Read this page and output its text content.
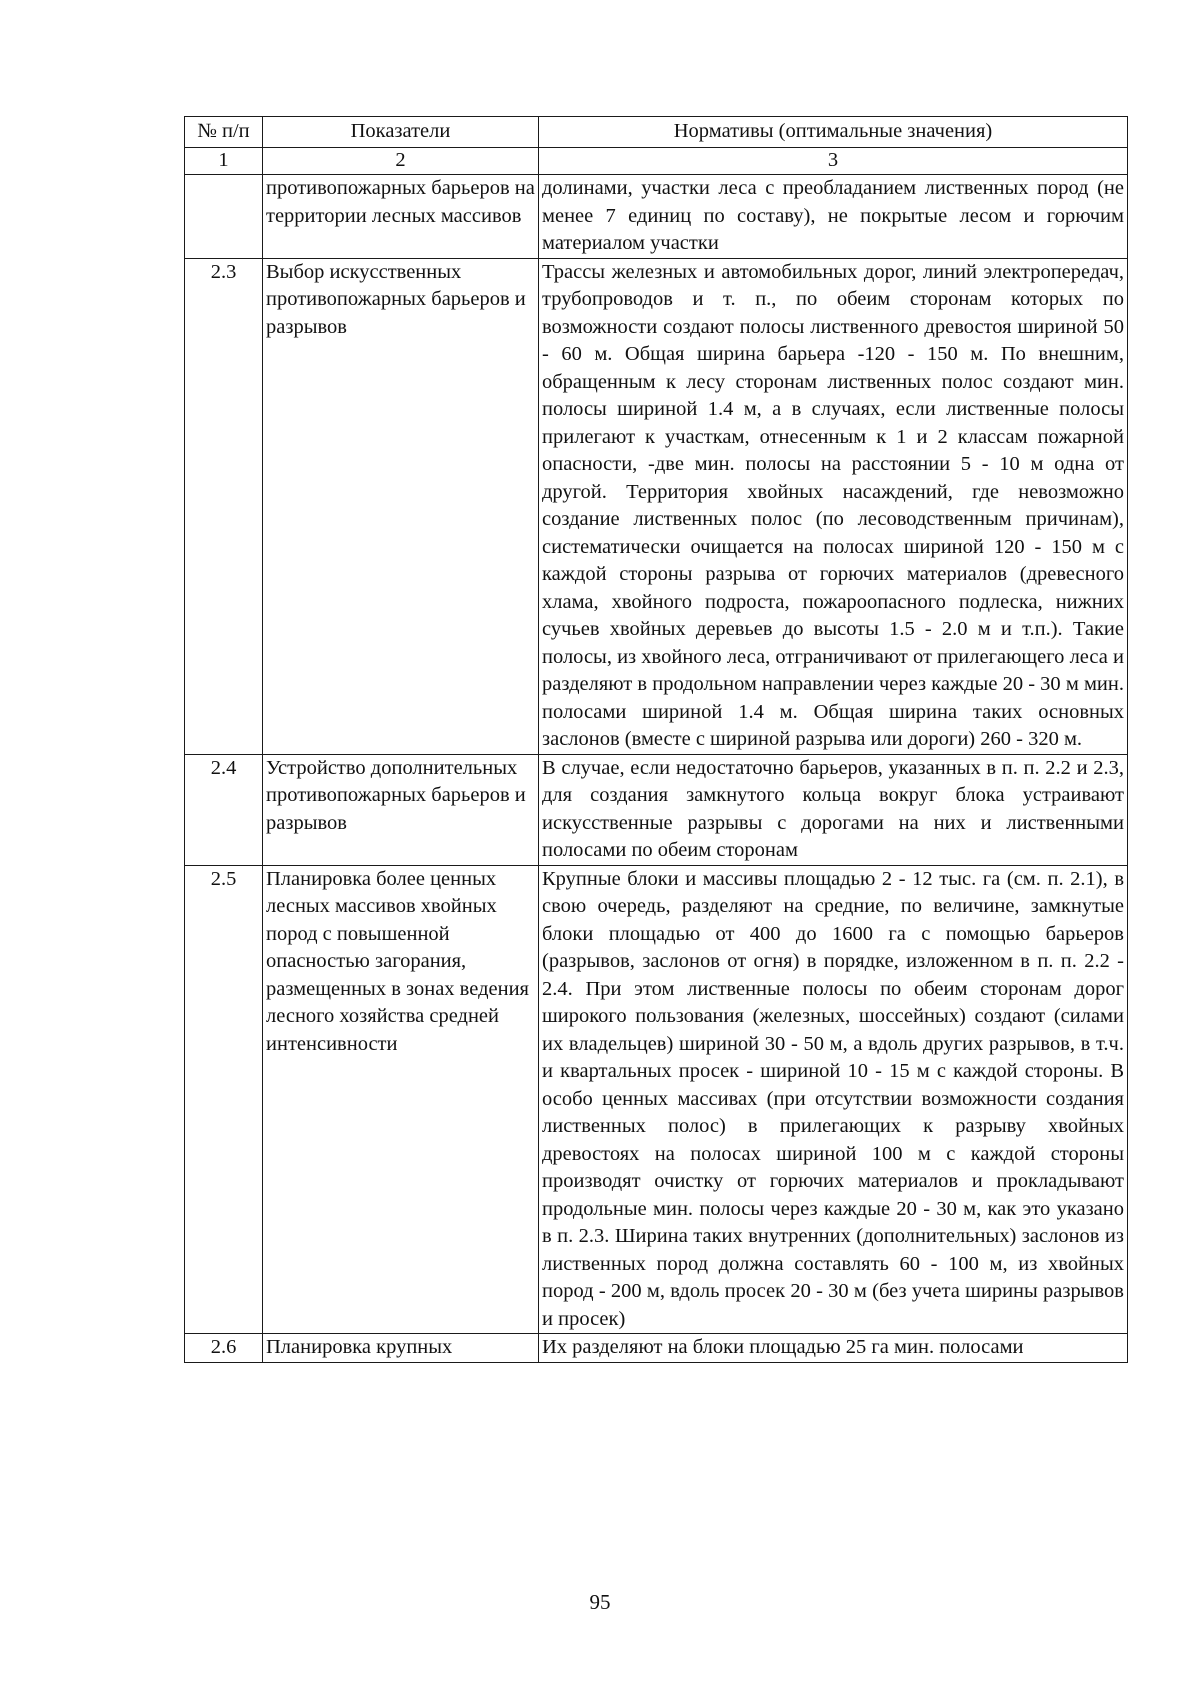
№ п/п	Показатели	Нормативы (оптимальные значения)
1	2	3
	противопожарных барьеров на территории лесных массивов	долинами, участки леса с преобладанием лиственных пород (не менее 7 единиц по составу), не покрытые лесом и горючим материалом участки
2.3	Выбор искусственных противопожарных барьеров и разрывов	Трассы железных и автомобильных дорог, линий электропередач, трубопроводов и т. п., по обеим сторонам которых по возможности создают полосы лиственного древостоя шириной 50 - 60 м. Общая ширина барьера -120 - 150 м. По внешним, обращенным к лесу сторонам лиственных полос создают мин. полосы шириной 1.4 м, а в случаях, если лиственные полосы прилегают к участкам, отнесенным к 1 и 2 классам пожарной опасности, -две мин. полосы на расстоянии 5 - 10 м одна от другой. Территория хвойных насаждений, где невозможно создание лиственных полос (по лесоводственным причинам), систематически очищается на полосах шириной 120 - 150 м с каждой стороны разрыва от горючих материалов (древесного хлама, хвойного подроста, пожароопасного подлеска, нижних сучьев хвойных деревьев до высоты 1.5 - 2.0 м и т.п.). Такие полосы, из хвойного леса, отграничивают от прилегающего леса и разделяют в продольном направлении через каждые 20 - 30 м мин. полосами шириной 1.4 м. Общая ширина таких основных заслонов (вместе с шириной разрыва или дороги) 260 - 320 м.
2.4	Устройство дополнительных противопожарных барьеров и разрывов	В случае, если недостаточно барьеров, указанных в п. п. 2.2 и 2.3, для создания замкнутого кольца вокруг блока устраивают искусственные разрывы с дорогами на них и лиственными полосами по обеим сторонам
2.5	Планировка более ценных лесных массивов хвойных пород с повышенной опасностью загорания, размещенных в зонах ведения лесного хозяйства средней интенсивности	Крупные блоки и массивы площадью 2 - 12 тыс. га (см. п. 2.1), в свою очередь, разделяют на средние, по величине, замкнутые блоки площадью от 400 до 1600 га с помощью барьеров (разрывов, заслонов от огня) в порядке, изложенном в п. п. 2.2 - 2.4. При этом лиственные полосы по обеим сторонам дорог широкого пользования (железных, шоссейных) создают (силами их владельцев) шириной 30 - 50 м, а вдоль других разрывов, в т.ч. и квартальных просек - шириной 10 - 15 м с каждой стороны. В особо ценных массивах (при отсутствии возможности создания лиственных полос) в прилегающих к разрыву хвойных древостоях на полосах шириной 100 м с каждой стороны производят очистку от горючих материалов и прокладывают продольные мин. полосы через каждые 20 - 30 м, как это указано в п. 2.3. Ширина таких внутренних (дополнительных) заслонов из лиственных пород должна составлять 60 - 100 м, из хвойных пород - 200 м, вдоль просек 20 - 30 м (без учета ширины разрывов и просек)
2.6	Планировка крупных	Их разделяют на блоки площадью 25 га мин. полосами
95
